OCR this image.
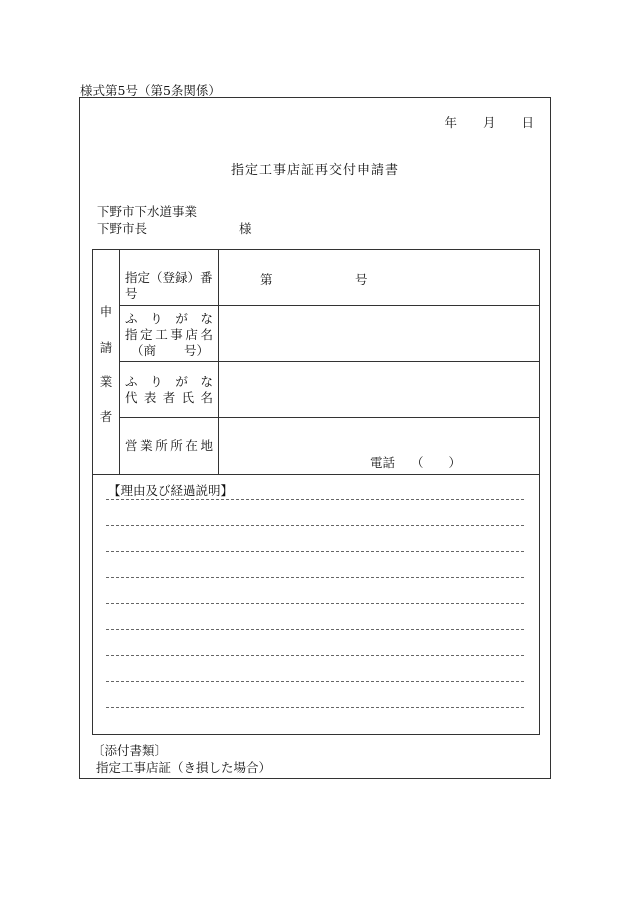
様式第5号（第5条関係）
年 月 日
指定工事店証再交付申請書
下野市下水道事業
下野市長	様
申
請
業
者
指定（登録）番号
ふ り が な
指 定 工 事 店 名
（商 号）
ふ り が な
代 表 者 氏 名
営 業 所 所 在 地
第	号
電話 （　　）
【理由及び経過説明】
〔添付書類〕
指定工事店証（き損した場合）
